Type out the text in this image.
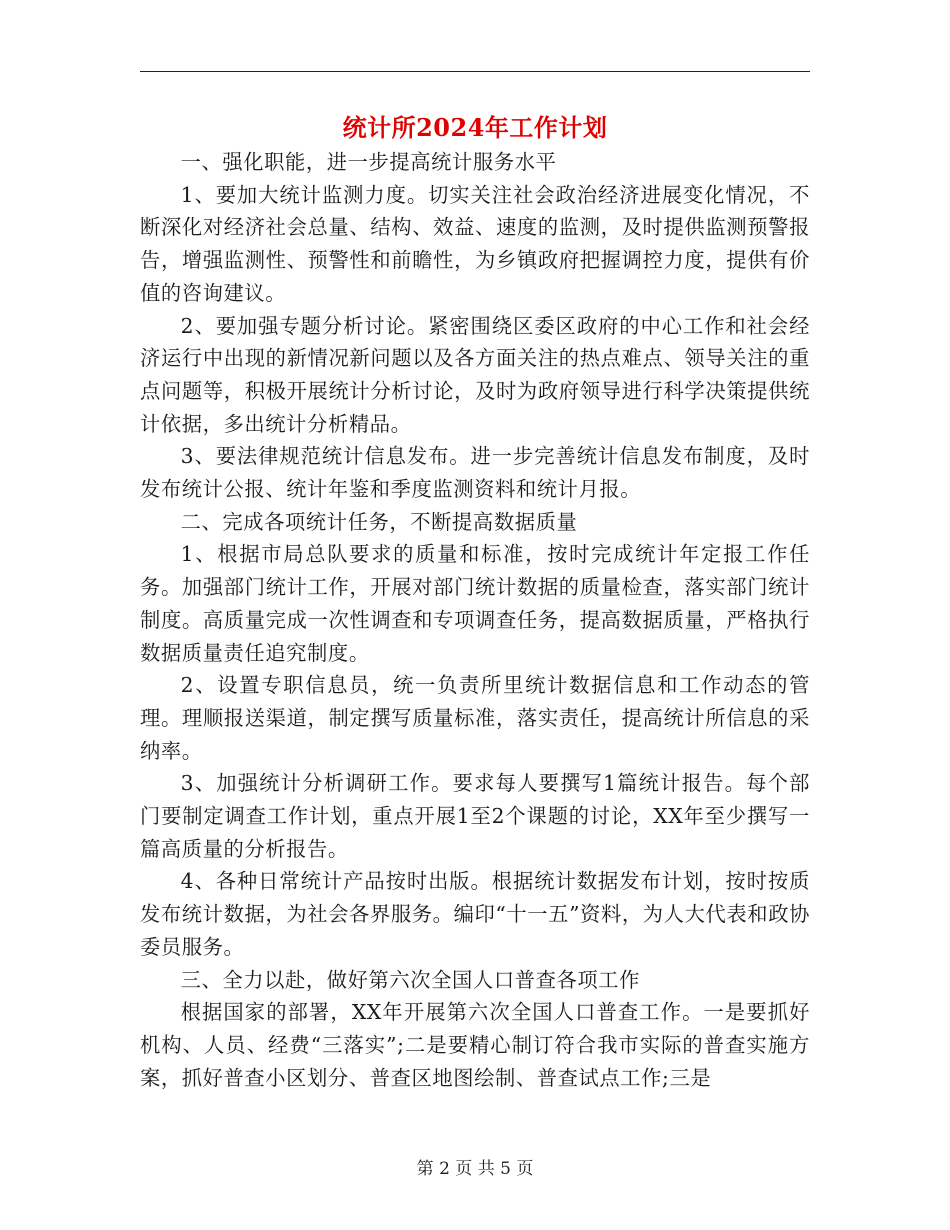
统计所2024年工作计划

一、强化职能，进一步提高统计服务水平

1、要加大统计监测力度。切实关注社会政治经济进展变化情况，不断深化对经济社会总量、结构、效益、速度的监测，及时提供监测预警报告，增强监测性、预警性和前瞻性，为乡镇政府把握调控力度，提供有价值的咨询建议。

2、要加强专题分析讨论。紧密围绕区委区政府的中心工作和社会经济运行中出现的新情况新问题以及各方面关注的热点难点、领导关注的重点问题等，积极开展统计分析讨论，及时为政府领导进行科学决策提供统计依据，多出统计分析精品。

3、要法律规范统计信息发布。进一步完善统计信息发布制度，及时发布统计公报、统计年鉴和季度监测资料和统计月报。

二、完成各项统计任务，不断提高数据质量

1、根据市局总队要求的质量和标准，按时完成统计年定报工作任务。加强部门统计工作，开展对部门统计数据的质量检查，落实部门统计制度。高质量完成一次性调查和专项调查任务，提高数据质量，严格执行数据质量责任追究制度。

2、设置专职信息员，统一负责所里统计数据信息和工作动态的管理。理顺报送渠道，制定撰写质量标准，落实责任，提高统计所信息的采纳率。

3、加强统计分析调研工作。要求每人要撰写1篇统计报告。每个部门要制定调查工作计划，重点开展1至2个课题的讨论，XX年至少撰写一篇高质量的分析报告。

4、各种日常统计产品按时出版。根据统计数据发布计划，按时按质发布统计数据，为社会各界服务。编印“十一五”资料，为人大代表和政协委员服务。

三、全力以赴，做好第六次全国人口普查各项工作

根据国家的部署，XX年开展第六次全国人口普查工作。一是要抓好机构、人员、经费“三落实”;二是要精心制订符合我市实际的普查实施方案，抓好普查小区划分、普查区地图绘制、普查试点工作;三是

第 2 页 共 5 页
